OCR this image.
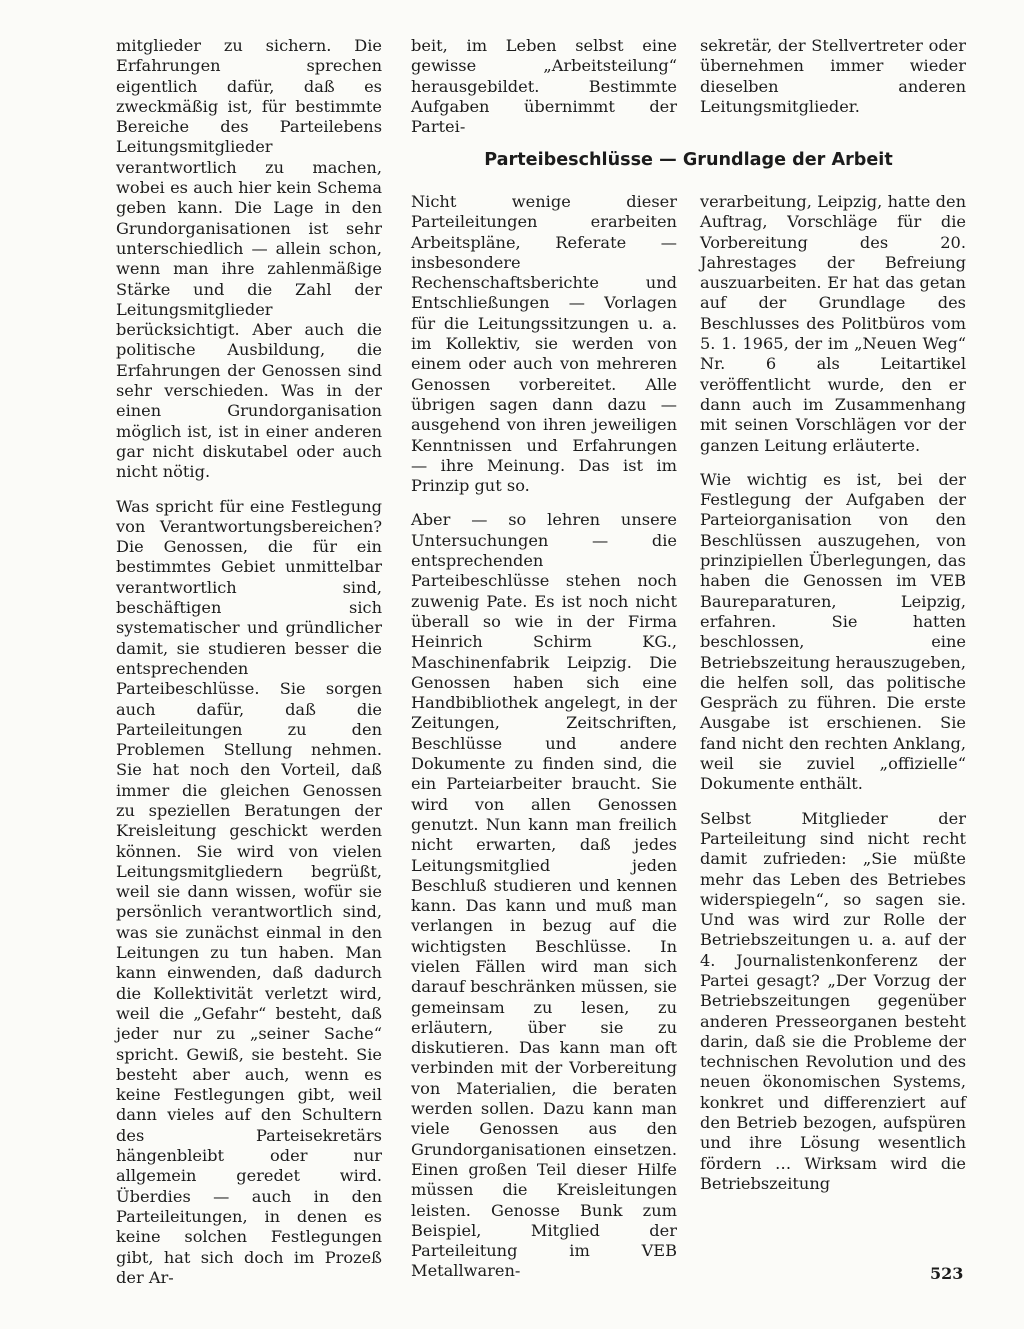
mitglieder zu sichern. Die Erfahrungen sprechen eigentlich dafür, daß es zweckmäßig ist, für bestimmte Bereiche des Parteilebens Leitungsmitglieder verantwortlich zu machen, wobei es auch hier kein Schema geben kann. Die Lage in den Grundorganisationen ist sehr unterschiedlich — allein schon, wenn man ihre zahlenmäßige Stärke und die Zahl der Leitungsmitglieder berücksichtigt. Aber auch die politische Ausbildung, die Erfahrungen der Genossen sind sehr verschieden. Was in der einen Grundorganisation möglich ist, ist in einer anderen gar nicht diskutabel oder auch nicht nötig.

Was spricht für eine Festlegung von Verantwortungsbereichen? Die Genossen, die für ein bestimmtes Gebiet unmittelbar verantwortlich sind, beschäftigen sich systematischer und gründlicher damit, sie studieren besser die entsprechenden Parteibeschlüsse. Sie sorgen auch dafür, daß die Parteileitungen zu den Problemen Stellung nehmen. Sie hat noch den Vorteil, daß immer die gleichen Genossen zu speziellen Beratungen der Kreisleitung geschickt werden können. Sie wird von vielen Leitungsmitgliedern begrüßt, weil sie dann wissen, wofür sie persönlich verantwortlich sind, was sie zunächst einmal in den Leitungen zu tun haben. Man kann einwenden, daß dadurch die Kollektivität verletzt wird, weil die „Gefahr“ besteht, daß jeder nur zu „seiner Sache“ spricht. Gewiß, sie besteht. Sie besteht aber auch, wenn es keine Festlegungen gibt, weil dann vieles auf den Schultern des Parteisekretärs hängenbleibt oder nur allgemein geredet wird. Überdies — auch in den Parteileitungen, in denen es keine solchen Festlegungen gibt, hat sich doch im Prozeß der Ar-

beit, im Leben selbst eine gewisse „Arbeitsteilung“ herausgebildet. Bestimmte Aufgaben übernimmt der Partei-

sekretär, der Stellvertreter oder übernehmen immer wieder dieselben anderen Leitungsmitglieder.

Parteibeschlüsse — Grundlage der Arbeit

Nicht wenige dieser Parteileitungen erarbeiten Arbeitspläne, Referate — insbesondere Rechenschaftsberichte und Entschließungen — Vorlagen für die Leitungssitzungen u. a. im Kollektiv, sie werden von einem oder auch von mehreren Genossen vorbereitet. Alle übrigen sagen dann dazu — ausgehend von ihren jeweiligen Kenntnissen und Erfahrungen — ihre Meinung. Das ist im Prinzip gut so.

Aber — so lehren unsere Untersuchungen — die entsprechenden Parteibeschlüsse stehen noch zuwenig Pate. Es ist noch nicht überall so wie in der Firma Heinrich Schirm KG., Maschinenfabrik Leipzig. Die Genossen haben sich eine Handbibliothek angelegt, in der Zeitungen, Zeitschriften, Beschlüsse und andere Dokumente zu finden sind, die ein Parteiarbeiter braucht. Sie wird von allen Genossen genutzt. Nun kann man freilich nicht erwarten, daß jedes Leitungsmitglied jeden Beschluß studieren und kennen kann. Das kann und muß man verlangen in bezug auf die wichtigsten Beschlüsse. In vielen Fällen wird man sich darauf beschränken müssen, sie gemeinsam zu lesen, zu erläutern, über sie zu diskutieren. Das kann man oft verbinden mit der Vorbereitung von Materialien, die beraten werden sollen. Dazu kann man viele Genossen aus den Grundorganisationen einsetzen. Einen großen Teil dieser Hilfe müssen die Kreisleitungen leisten. Genosse Bunk zum Beispiel, Mitglied der Parteileitung im VEB Metallwaren-

verarbeitung, Leipzig, hatte den Auftrag, Vorschläge für die Vorbereitung des 20. Jahrestages der Befreiung auszuarbeiten. Er hat das getan auf der Grundlage des Beschlusses des Politbüros vom 5. 1. 1965, der im „Neuen Weg“ Nr. 6 als Leitartikel veröffentlicht wurde, den er dann auch im Zusammenhang mit seinen Vorschlägen vor der ganzen Leitung erläuterte.

Wie wichtig es ist, bei der Festlegung der Aufgaben der Parteiorganisation von den Beschlüssen auszugehen, von prinzipiellen Überlegungen, das haben die Genossen im VEB Baureparaturen, Leipzig, erfahren. Sie hatten beschlossen, eine Betriebszeitung herauszugeben, die helfen soll, das politische Gespräch zu führen. Die erste Ausgabe ist erschienen. Sie fand nicht den rechten Anklang, weil sie zuviel „offizielle“ Dokumente enthält.

Selbst Mitglieder der Parteileitung sind nicht recht damit zufrieden: „Sie müßte mehr das Leben des Betriebes widerspiegeln“, so sagen sie. Und was wird zur Rolle der Betriebszeitungen u. a. auf der 4. Journalistenkonferenz der Partei gesagt? „Der Vorzug der Betriebszeitungen gegenüber anderen Presseorganen besteht darin, daß sie die Probleme der technischen Revolution und des neuen ökonomischen Systems, konkret und differenziert auf den Betrieb bezogen, aufspüren und ihre Lösung wesentlich fördern … Wirksam wird die Betriebszeitung

523
